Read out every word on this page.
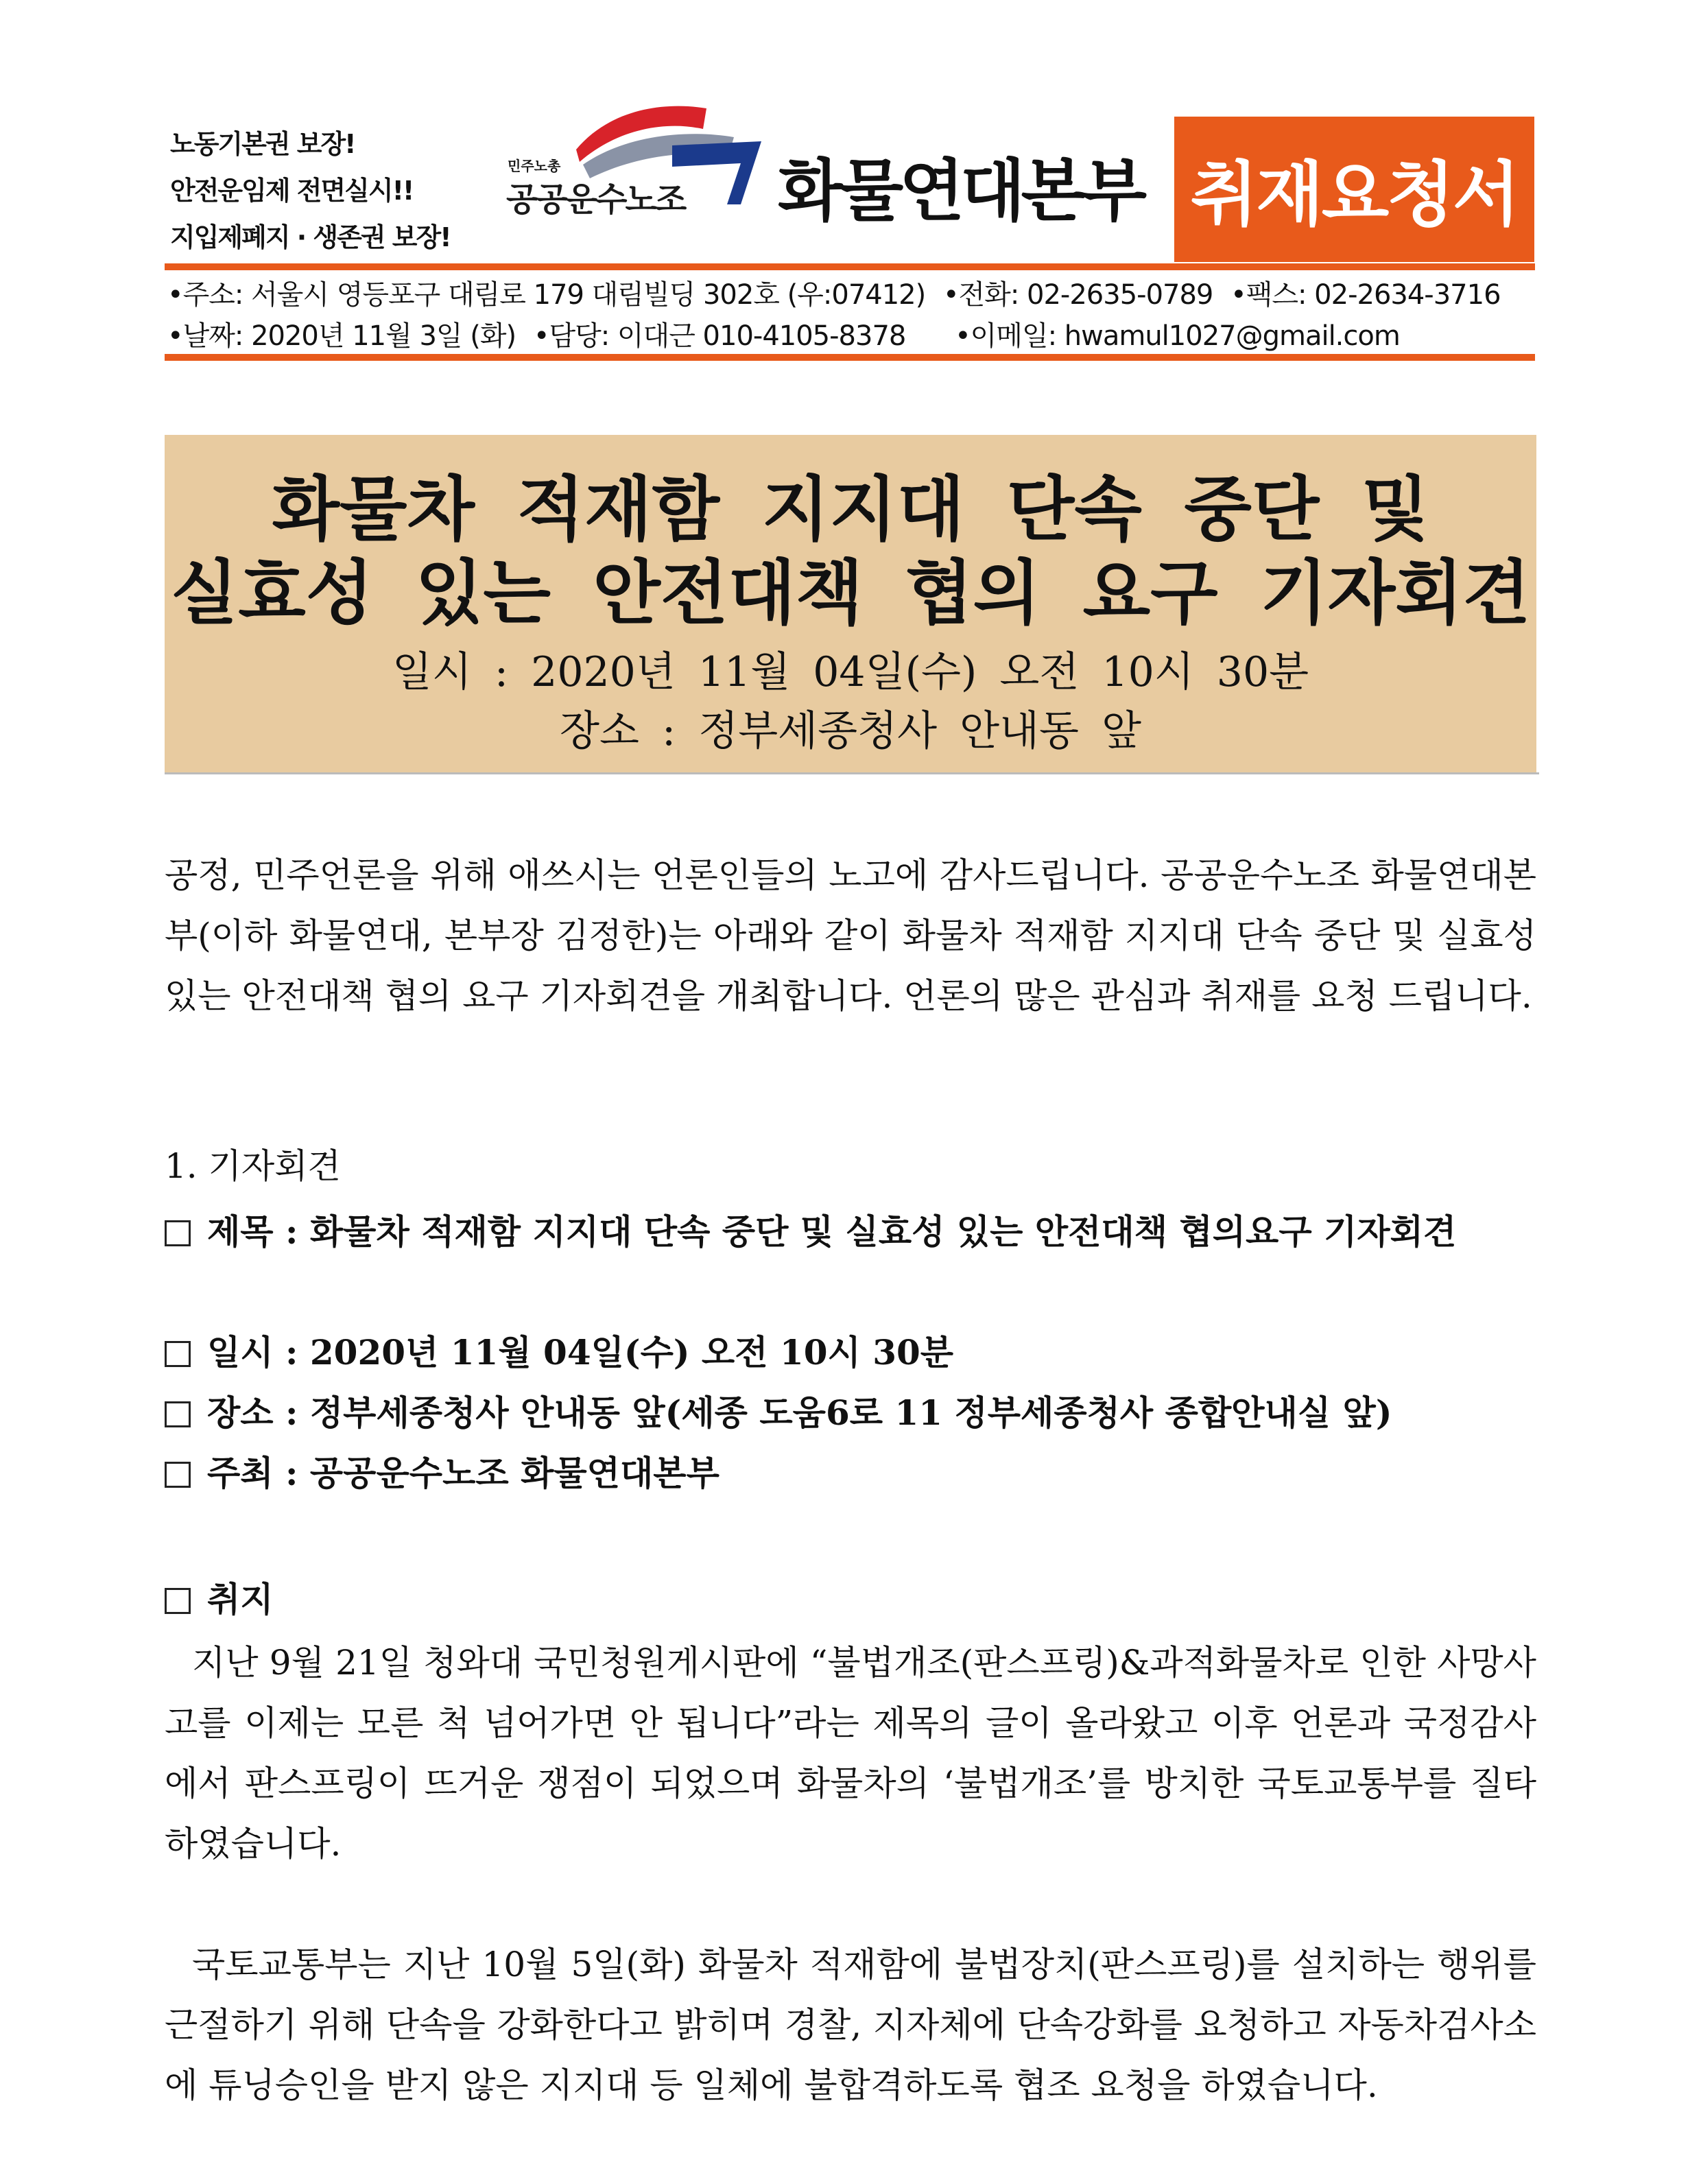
노동기본권 보장!
안전운임제 전면실시!!
지입제폐지 · 생존권 보장!
민주노총
공공운수노조 화물연대본부 취재요청서
•주소: 서울시 영등포구 대림로 179 대림빌딩 302호 (우:07412) •전화: 02-2635-0789 •팩스: 02-2634-3716
•날짜: 2020년 11월 3일 (화) •담당: 이대근 010-4105-8378 •이메일: hwamul1027@gmail.com
화물차 적재함 지지대 단속 중단 및
실효성 있는 안전대책 협의 요구 기자회견
일시 : 2020년 11월 04일(수) 오전 10시 30분
장소 : 정부세종청사 안내동 앞
공정, 민주언론을 위해 애쓰시는 언론인들의 노고에 감사드립니다. 공공운수노조 화물연대본부(이하 화물연대, 본부장 김정한)는 아래와 같이 화물차 적재함 지지대 단속 중단 및 실효성 있는 안전대책 협의 요구 기자회견을 개최합니다. 언론의 많은 관심과 취재를 요청 드립니다.
1. 기자회견
제목 : 화물차 적재함 지지대 단속 중단 및 실효성 있는 안전대책 협의요구 기자회견
일시 : 2020년 11월 04일(수) 오전 10시 30분
장소 : 정부세종청사 안내동 앞(세종 도움6로 11 정부세종청사 종합안내실 앞)
주최 : 공공운수노조 화물연대본부
취지
지난 9월 21일 청와대 국민청원게시판에 “불법개조(판스프링)&과적화물차로 인한 사망사고를 이제는 모른 척 넘어가면 안 됩니다”라는 제목의 글이 올라왔고 이후 언론과 국정감사에서 판스프링이 뜨거운 쟁점이 되었으며 화물차의 ‘불법개조’를 방치한 국토교통부를 질타하였습니다.
국토교통부는 지난 10월 5일(화) 화물차 적재함에 불법장치(판스프링)를 설치하는 행위를 근절하기 위해 단속을 강화한다고 밝히며 경찰, 지자체에 단속강화를 요청하고 자동차검사소에 튜닝승인을 받지 않은 지지대 등 일체에 불합격하도록 협조 요청을 하였습니다.
